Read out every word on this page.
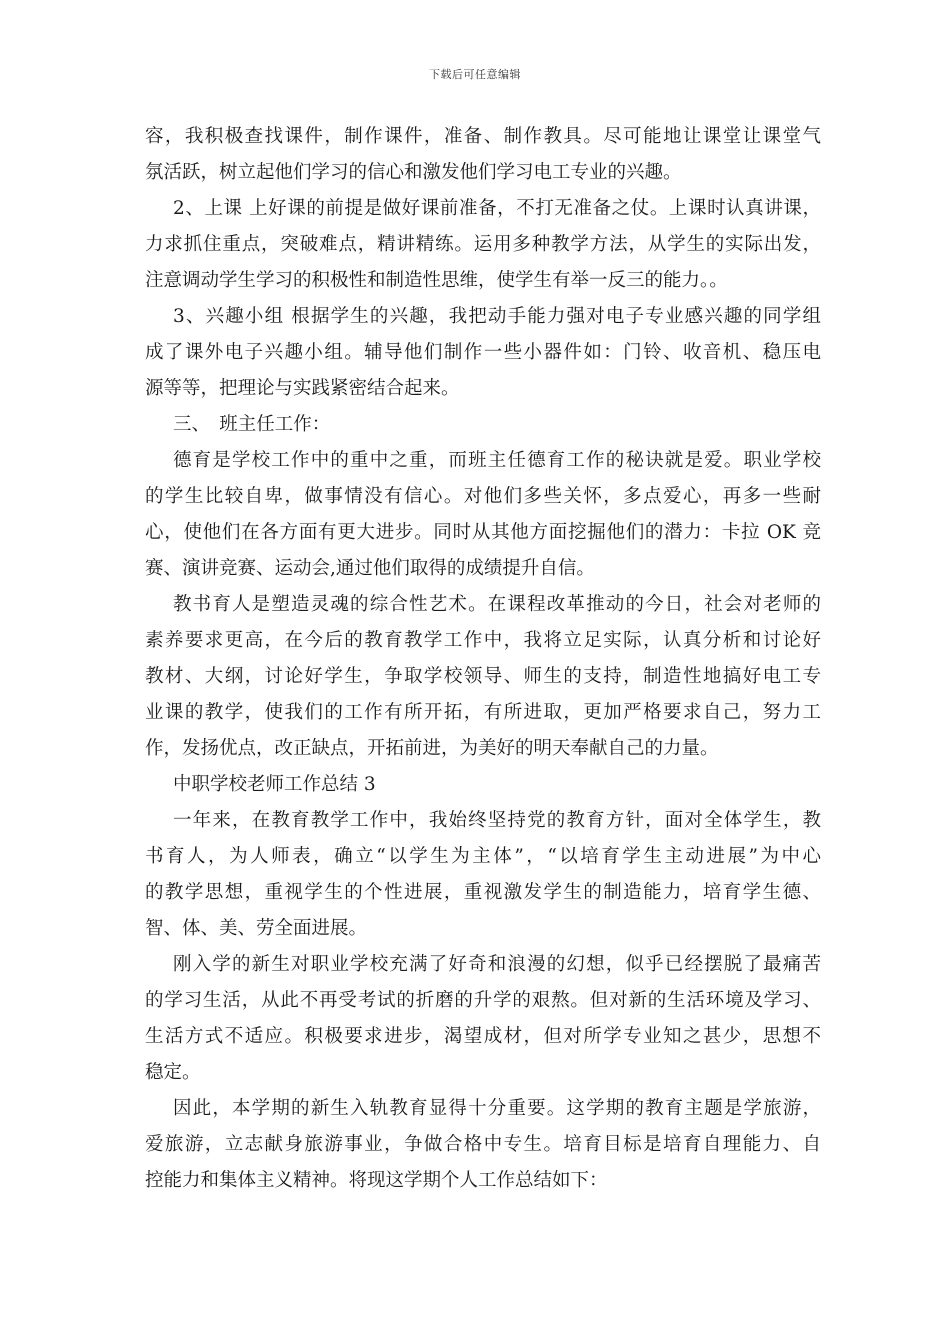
下载后可任意编辑
容，我积极查找课件，制作课件，准备、制作教具。尽可能地让课堂让课堂气
氛活跃，树立起他们学习的信心和激发他们学习电工专业的兴趣。
2、上课 上好课的前提是做好课前准备，不打无准备之仗。上课时认真讲课，
力求抓住重点，突破难点，精讲精练。运用多种教学方法，从学生的实际出发，
注意调动学生学习的积极性和制造性思维，使学生有举一反三的能力。。
3、兴趣小组 根据学生的兴趣，我把动手能力强对电子专业感兴趣的同学组
成了课外电子兴趣小组。辅导他们制作一些小器件如：门铃、收音机、稳压电
源等等，把理论与实践紧密结合起来。
三、　班主任工作：
德育是学校工作中的重中之重，而班主任德育工作的秘诀就是爱。职业学校
的学生比较自卑，做事情没有信心。对他们多些关怀，多点爱心，再多一些耐
心，使他们在各方面有更大进步。同时从其他方面挖掘他们的潜力：卡拉 OK 竞
赛、演讲竞赛、运动会,通过他们取得的成绩提升自信。
教书育人是塑造灵魂的综合性艺术。在课程改革推动的今日，社会对老师的
素养要求更高，在今后的教育教学工作中，我将立足实际，认真分析和讨论好
教材、大纲，讨论好学生，争取学校领导、师生的支持，制造性地搞好电工专
业课的教学，使我们的工作有所开拓，有所进取，更加严格要求自己，努力工
作，发扬优点，改正缺点，开拓前进，为美好的明天奉献自己的力量。
中职学校老师工作总结 3
一年来，在教育教学工作中，我始终坚持党的教育方针，面对全体学生，教
书育人，为人师表，确立“以学生为主体”，“以培育学生主动进展”为中心
的教学思想，重视学生的个性进展，重视激发学生的制造能力，培育学生德、
智、体、美、劳全面进展。
刚入学的新生对职业学校充满了好奇和浪漫的幻想，似乎已经摆脱了最痛苦
的学习生活，从此不再受考试的折磨的升学的艰熬。但对新的生活环境及学习、
生活方式不适应。积极要求进步，渴望成材，但对所学专业知之甚少，思想不
稳定。
因此，本学期的新生入轨教育显得十分重要。这学期的教育主题是学旅游，
爱旅游，立志献身旅游事业，争做合格中专生。培育目标是培育自理能力、自
控能力和集体主义精神。将现这学期个人工作总结如下：
